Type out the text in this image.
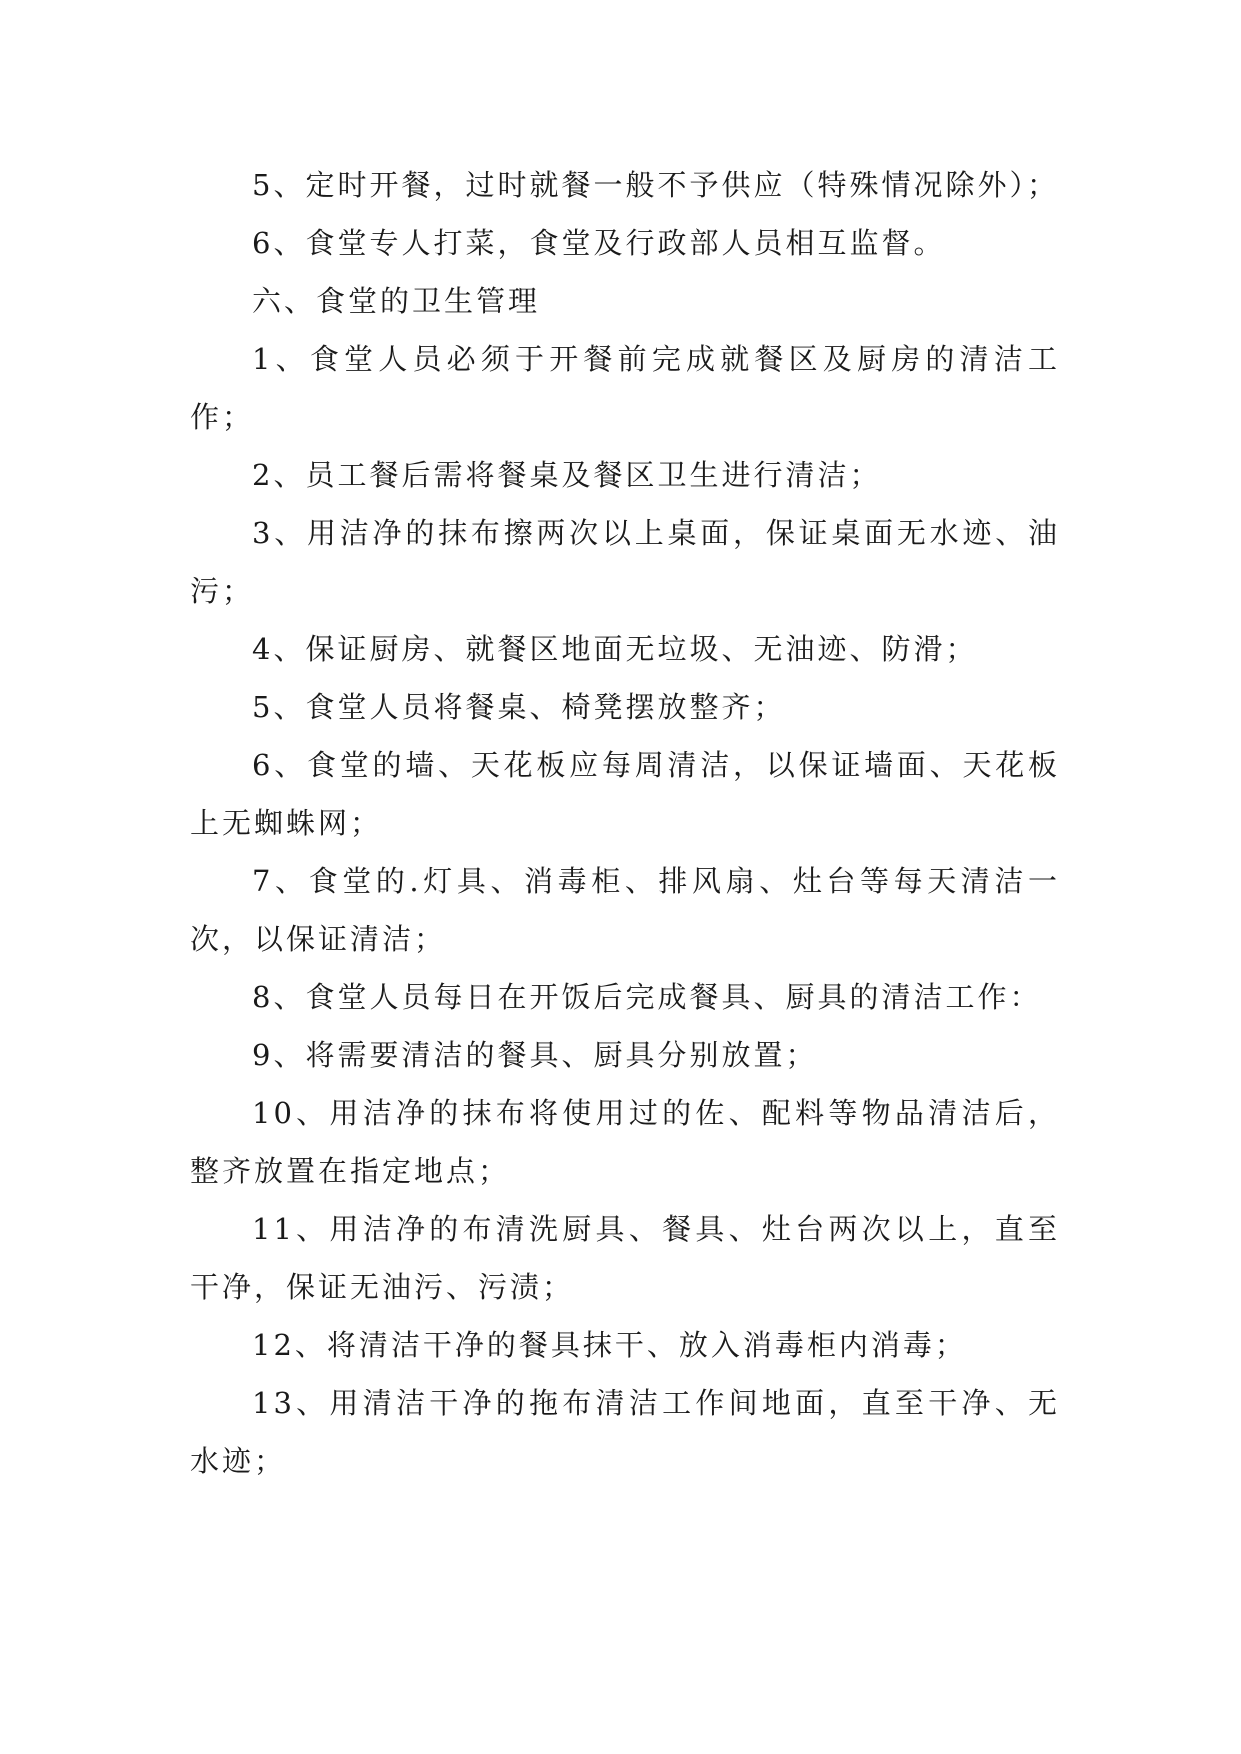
5、定时开餐，过时就餐一般不予供应（特殊情况除外）；

6、食堂专人打菜，食堂及行政部人员相互监督。

六、食堂的卫生管理

1、食堂人员必须于开餐前完成就餐区及厨房的清洁工作；

2、员工餐后需将餐桌及餐区卫生进行清洁；

3、用洁净的抹布擦两次以上桌面，保证桌面无水迹、油污；

4、保证厨房、就餐区地面无垃圾、无油迹、防滑；

5、食堂人员将餐桌、椅凳摆放整齐；

6、食堂的墙、天花板应每周清洁，以保证墙面、天花板上无蜘蛛网；

7、食堂的.灯具、消毒柜、排风扇、灶台等每天清洁一次，以保证清洁；

8、食堂人员每日在开饭后完成餐具、厨具的清洁工作：

9、将需要清洁的餐具、厨具分别放置；

10、用洁净的抹布将使用过的佐、配料等物品清洁后，整齐放置在指定地点；

11、用洁净的布清洗厨具、餐具、灶台两次以上，直至干净，保证无油污、污渍；

12、将清洁干净的餐具抹干、放入消毒柜内消毒；

13、用清洁干净的拖布清洁工作间地面，直至干净、无水迹；
